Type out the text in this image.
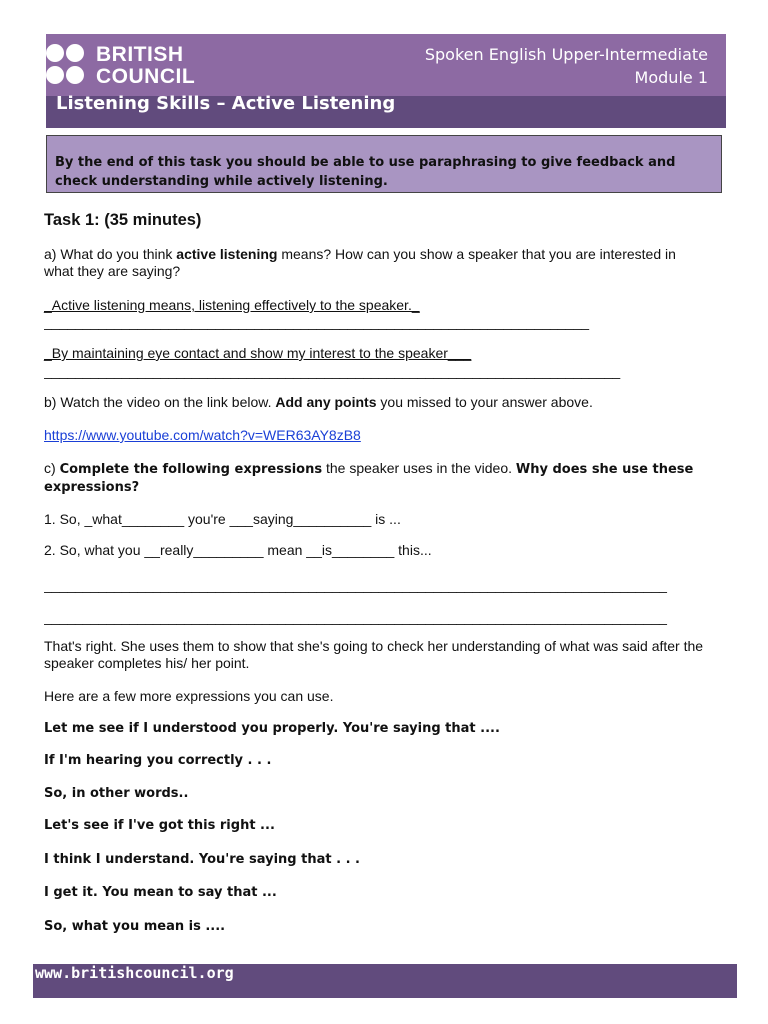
BRITISH
COUNCIL
Spoken English Upper-Intermediate
Module 1
Listening Skills – Active Listening
By the end of this task you should be able to use paraphrasing to give feedback and check understanding while actively listening.
Task 1: (35 minutes)
a) What do you think active listening means? How can you show a speaker that you are interested in what they are saying?
_Active listening means, listening effectively to the speaker._
______________________________________________________________________
_By maintaining eye contact and show my interest to the speaker___
__________________________________________________________________________
b) Watch the video on the link below. Add any points you missed to your answer above.
https://www.youtube.com/watch?v=WER63AY8zB8
c) Complete the following expressions the speaker uses in the video. Why does she use these expressions?
1. So, _what________ you're ___saying__________ is ...
2. So, what you __really_________ mean __is________ this...
________________________________________________________________________________
________________________________________________________________________________
That's right. She uses them to show that she's going to check her understanding of what was said after the speaker completes his/ her point.
Here are a few more expressions you can use.
Let me see if I understood you properly. You're saying that ....
If I'm hearing you correctly . . .
So, in other words..
Let's see if I've got this right ...
I think I understand. You're saying that . . .
I get it. You mean to say that ...
So, what you mean is ....
www.britishcouncil.org
